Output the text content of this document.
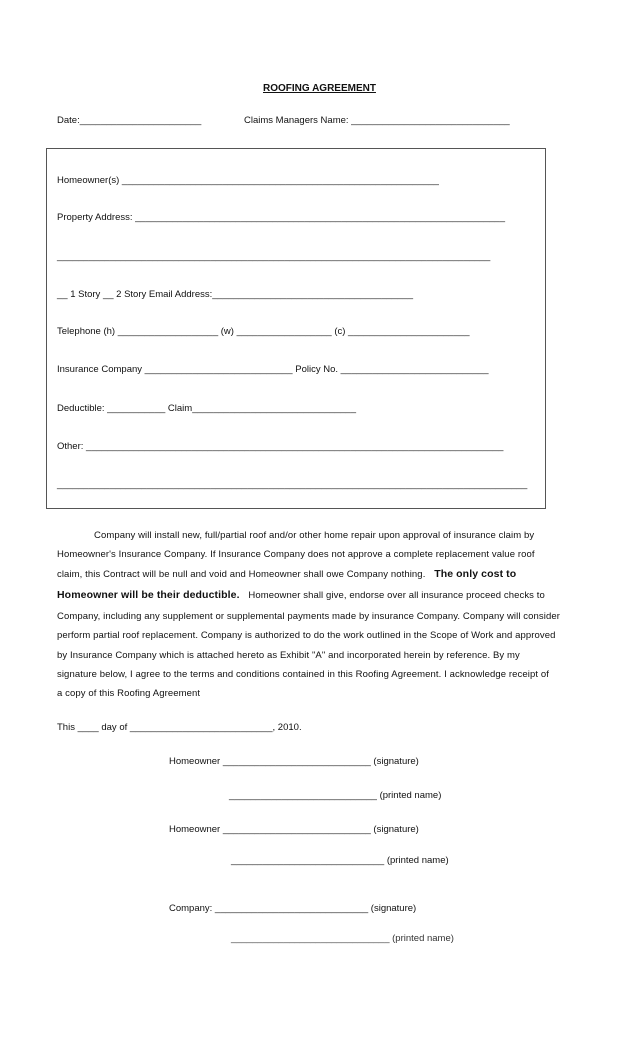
ROOFING AGREEMENT
Date:_______________________	Claims Managers Name: ______________________________
Homeowner(s) ____________________________________________________________
Property Address: ______________________________________________________________________
__________________________________________________________________________________
__ 1 Story __ 2 Story Email Address:______________________________________
Telephone (h) ___________________ (w) __________________ (c) _______________________
Insurance Company ____________________________ Policy No. ____________________________
Deductible: ___________ Claim_______________________________
Other: _______________________________________________________________________________
_________________________________________________________________________________________
Company will install new, full/partial roof and/or other home repair upon approval of insurance claim by
Homeowner's Insurance Company. If Insurance Company does not approve a complete replacement value roof
claim, this Contract will be null and void and Homeowner shall owe Company nothing. The only cost to
Homeowner will be their deductible. Homeowner shall give, endorse over all insurance proceed checks to
Company, including any supplement or supplemental payments made by insurance Company. Company will consider
perform partial roof replacement. Company is authorized to do the work outlined in the Scope of Work and approved
by Insurance Company which is attached hereto as Exhibit "A" and incorporated herein by reference. By my
signature below, I agree to the terms and conditions contained in this Roofing Agreement. I acknowledge receipt of
a copy of this Roofing Agreement
This ____ day of ___________________________, 2010.
Homeowner ____________________________ (signature)
____________________________ (printed name)
Homeowner ____________________________ (signature)
_____________________________ (printed name)
Company: _____________________________ (signature)
______________________________ (printed name)
